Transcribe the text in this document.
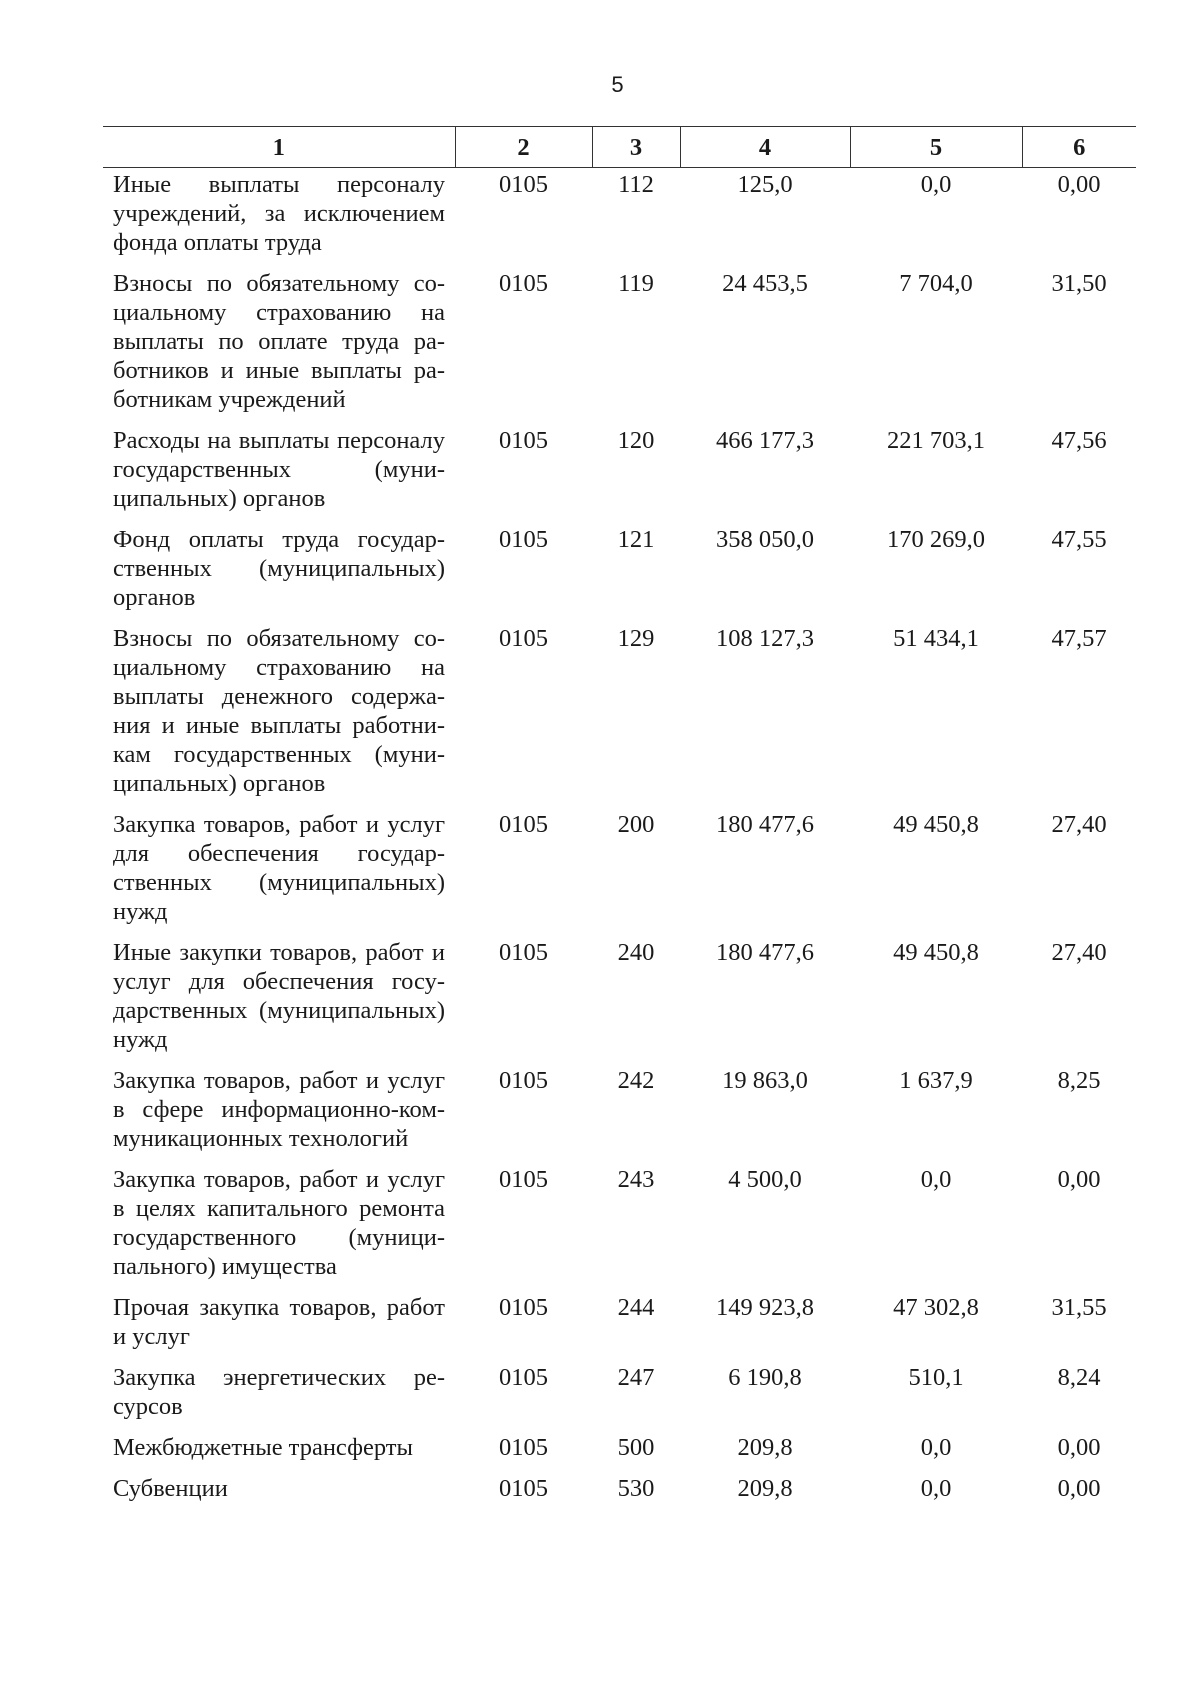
5
1	2	3	4	5	6
Иные выплаты персоналу учреждений, за исключением фонда оплаты труда	0105	112	125,0	0,0	0,00
Взносы по обязательному социальному страхованию на выплаты по оплате труда работников и иные выплаты работникам учреждений	0105	119	24 453,5	7 704,0	31,50
Расходы на выплаты персоналу государственных (муниципальных) органов	0105	120	466 177,3	221 703,1	47,56
Фонд оплаты труда государственных (муниципальных) органов	0105	121	358 050,0	170 269,0	47,55
Взносы по обязательному социальному страхованию на выплаты денежного содержания и иные выплаты работникам государственных (муниципальных) органов	0105	129	108 127,3	51 434,1	47,57
Закупка товаров, работ и услуг для обеспечения государственных (муниципальных) нужд	0105	200	180 477,6	49 450,8	27,40
Иные закупки товаров, работ и услуг для обеспечения государственных (муниципальных) нужд	0105	240	180 477,6	49 450,8	27,40
Закупка товаров, работ и услуг в сфере информационно-коммуникационных технологий	0105	242	19 863,0	1 637,9	8,25
Закупка товаров, работ и услуг в целях капитального ремонта государственного (муниципального) имущества	0105	243	4 500,0	0,0	0,00
Прочая закупка товаров, работ и услуг	0105	244	149 923,8	47 302,8	31,55
Закупка энергетических ресурсов	0105	247	6 190,8	510,1	8,24
Межбюджетные трансферты	0105	500	209,8	0,0	0,00
Субвенции	0105	530	209,8	0,0	0,00
